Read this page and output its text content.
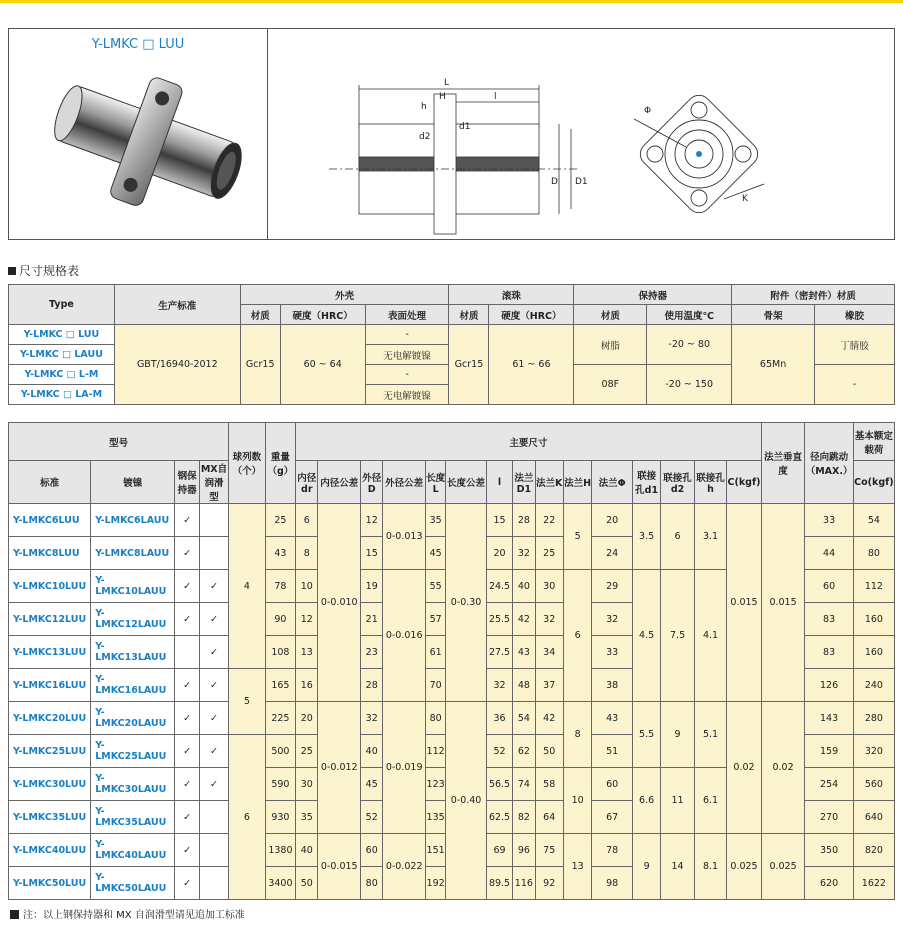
Y-LMKC □ LUU
L
H	l
h
d2
d1
D D1
Φ
K
尺寸规格表
Type	生产标准	外壳			滚珠		保持器		附件（密封件）材质	
		材质	硬度（HRC）	表面处理	材质	硬度（HRC）	材质	使用温度℃	骨架	橡胶
Y-LMKC □ LUU	GBT/16940-2012	Gcr15	60 ~ 64	-	Gcr15	61 ~ 66	树脂	-20 ~ 80	65Mn	丁腈胶
Y-LMKC □ LAUU				无电解镀镍						
Y-LMKC □ L-M				-			08F	-20 ~ 150		-
Y-LMKC □ LA-M				无电解镀镍						
型号				球列数（个）	重量（g）	主要尺寸															法兰垂直度	径向跳动（MAX.）	基本额定载荷
标准	镀镍	钢保持器	MX自润滑型			内径dr	内径公差	外径D	外径公差	长度L	长度公差	l	法兰D1	法兰K	法兰H	法兰Φ	联接孔d1	联接孔d2	联接孔h	C(kgf)			Co(kgf)
Y-LMKC6LUU	Y-LMKC6LAUU	✓		4	25	6	0-0.010	12	0-0.013	35	0-0.30	15	28	22	5	20	3.5	6	3.1	0.015	0.015	33	54
Y-LMKC8LUU	Y-LMKC8LAUU	✓			43	8		15		45		20	32	25		24						44	80
Y-LMKC10LUU	Y-LMKC10LAUU	✓	✓		78	10		19	0-0.016	55		24.5	40	30	6	29	4.5	7.5	4.1			60	112
Y-LMKC12LUU	Y-LMKC12LAUU	✓	✓		90	12		21		57		25.5	42	32		32						83	160
Y-LMKC13LUU	Y-LMKC13LAUU		✓		108	13		23		61		27.5	43	34		33						83	160
Y-LMKC16LUU	Y-LMKC16LAUU	✓	✓	5	165	16		28		70		32	48	37		38						126	240
Y-LMKC20LUU	Y-LMKC20LAUU	✓	✓		225	20	0-0.012	32	0-0.019	80	0-0.40	36	54	42	8	43	5.5	9	5.1	0.02	0.02	143	280
Y-LMKC25LUU	Y-LMKC25LAUU	✓	✓	6	500	25		40		112		52	62	50		51						159	320
Y-LMKC30LUU	Y-LMKC30LAUU	✓	✓		590	30		45		123		56.5	74	58	10	60	6.6	11	6.1			254	560
Y-LMKC35LUU	Y-LMKC35LAUU	✓			930	35		52		135		62.5	82	64		67						270	640
Y-LMKC40LUU	Y-LMKC40LAUU	✓			1380	40	0-0.015	60	0-0.022	151		69	96	75	13	78	9	14	8.1	0.025	0.025	350	820
Y-LMKC50LUU	Y-LMKC50LAUU	✓			3400	50		80		192		89.5	116	92		98						620	1622
注：以上钢保持器和 MX 自润滑型请见追加工标准
